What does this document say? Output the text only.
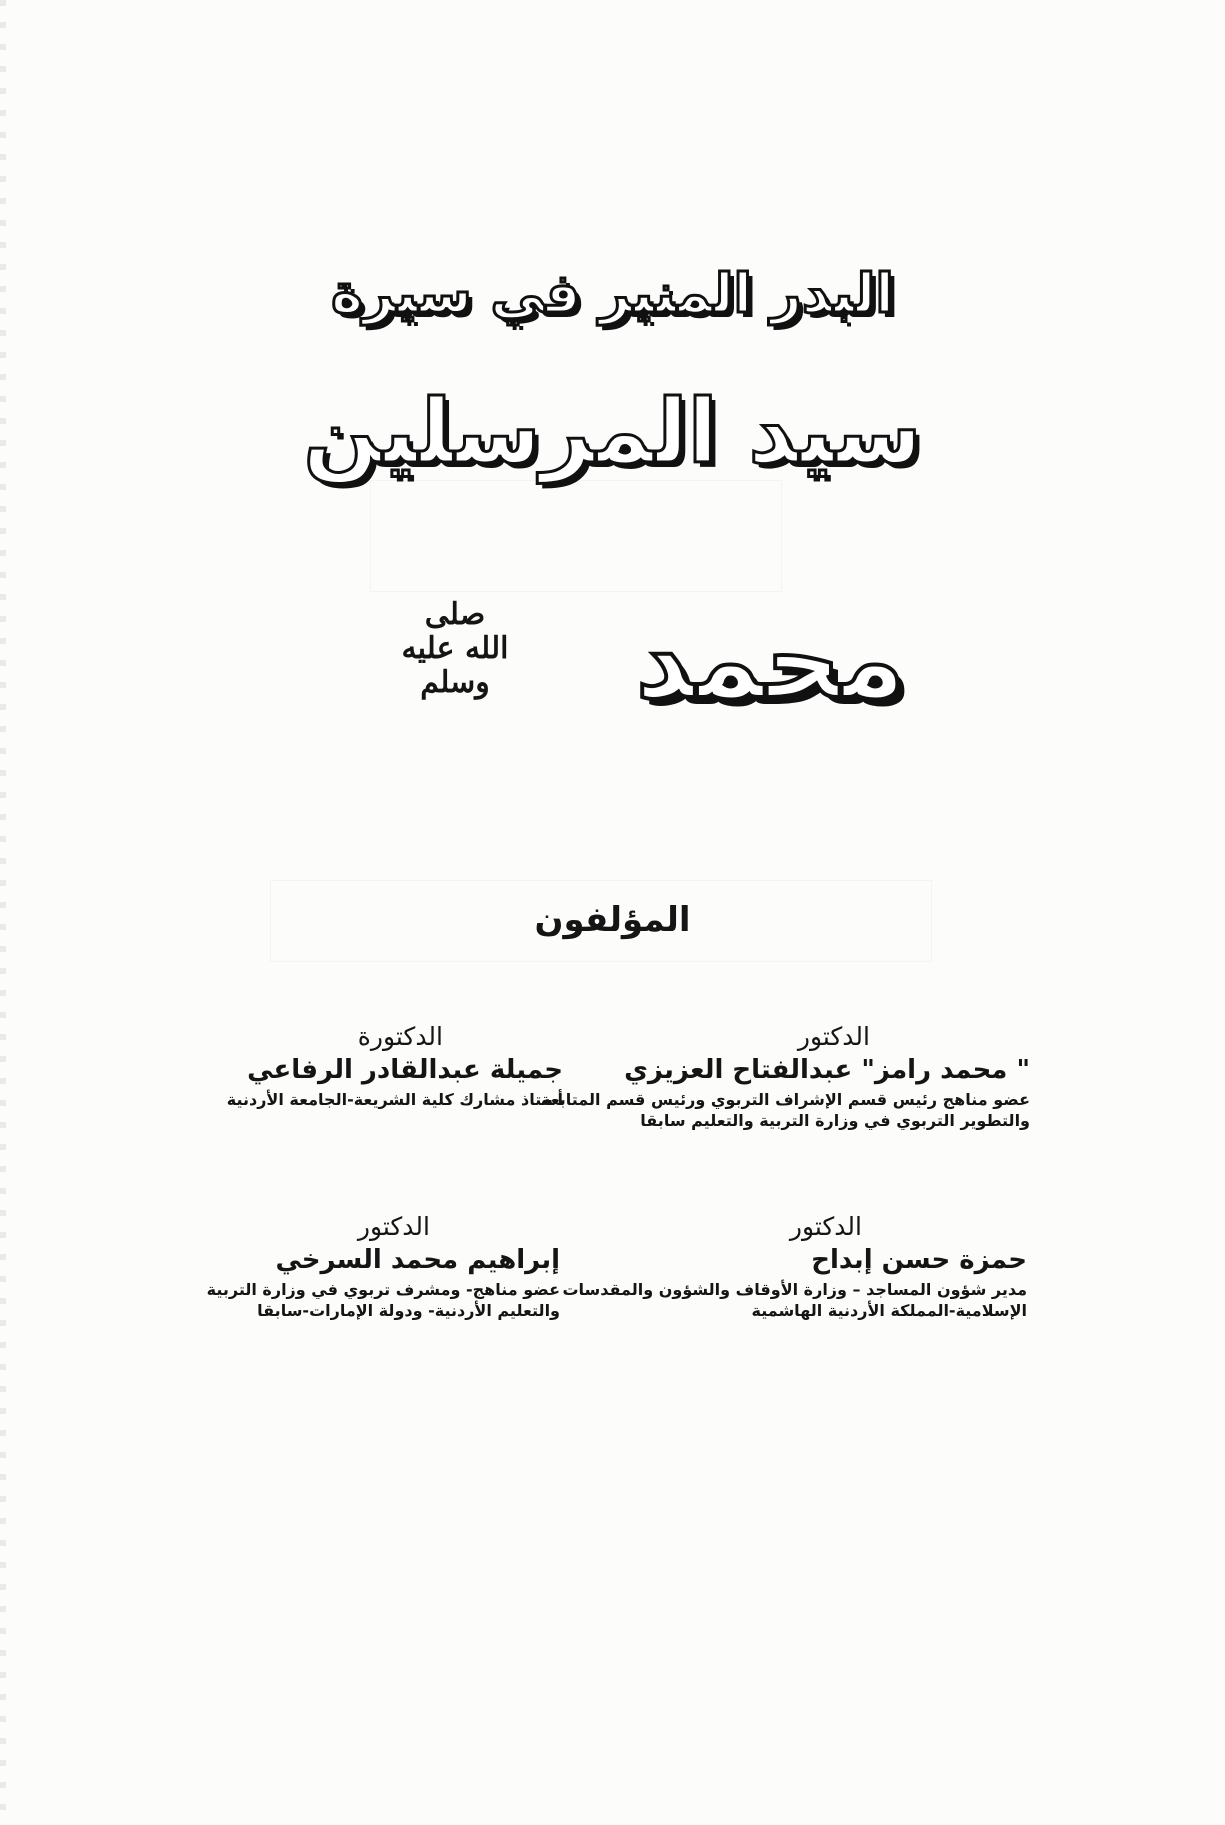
البدر المنير في سيرة
سيد المرسلين
محمد
صلى الله عليه وسلم
المؤلفون
الدكتور
" محمد رامز" عبدالفتاح العزيزي
عضو مناهج رئيس قسم الإشراف التربوي ورئيس قسم المتابعة
والتطوير التربوي في وزارة التربية والتعليم سابقا
الدكتورة
جميلة عبدالقادر الرفاعي
أستاذ مشارك كلية الشريعة-الجامعة الأردنية
الدكتور
حمزة حسن إبداح
مدير شؤون المساجد – وزارة الأوقاف والشؤون والمقدسات
الإسلامية-المملكة الأردنية الهاشمية
الدكتور
إبراهيم محمد السرخي
عضو مناهج- ومشرف تربوي في وزارة التربية
والتعليم الأردنية- ودولة الإمارات-سابقا
